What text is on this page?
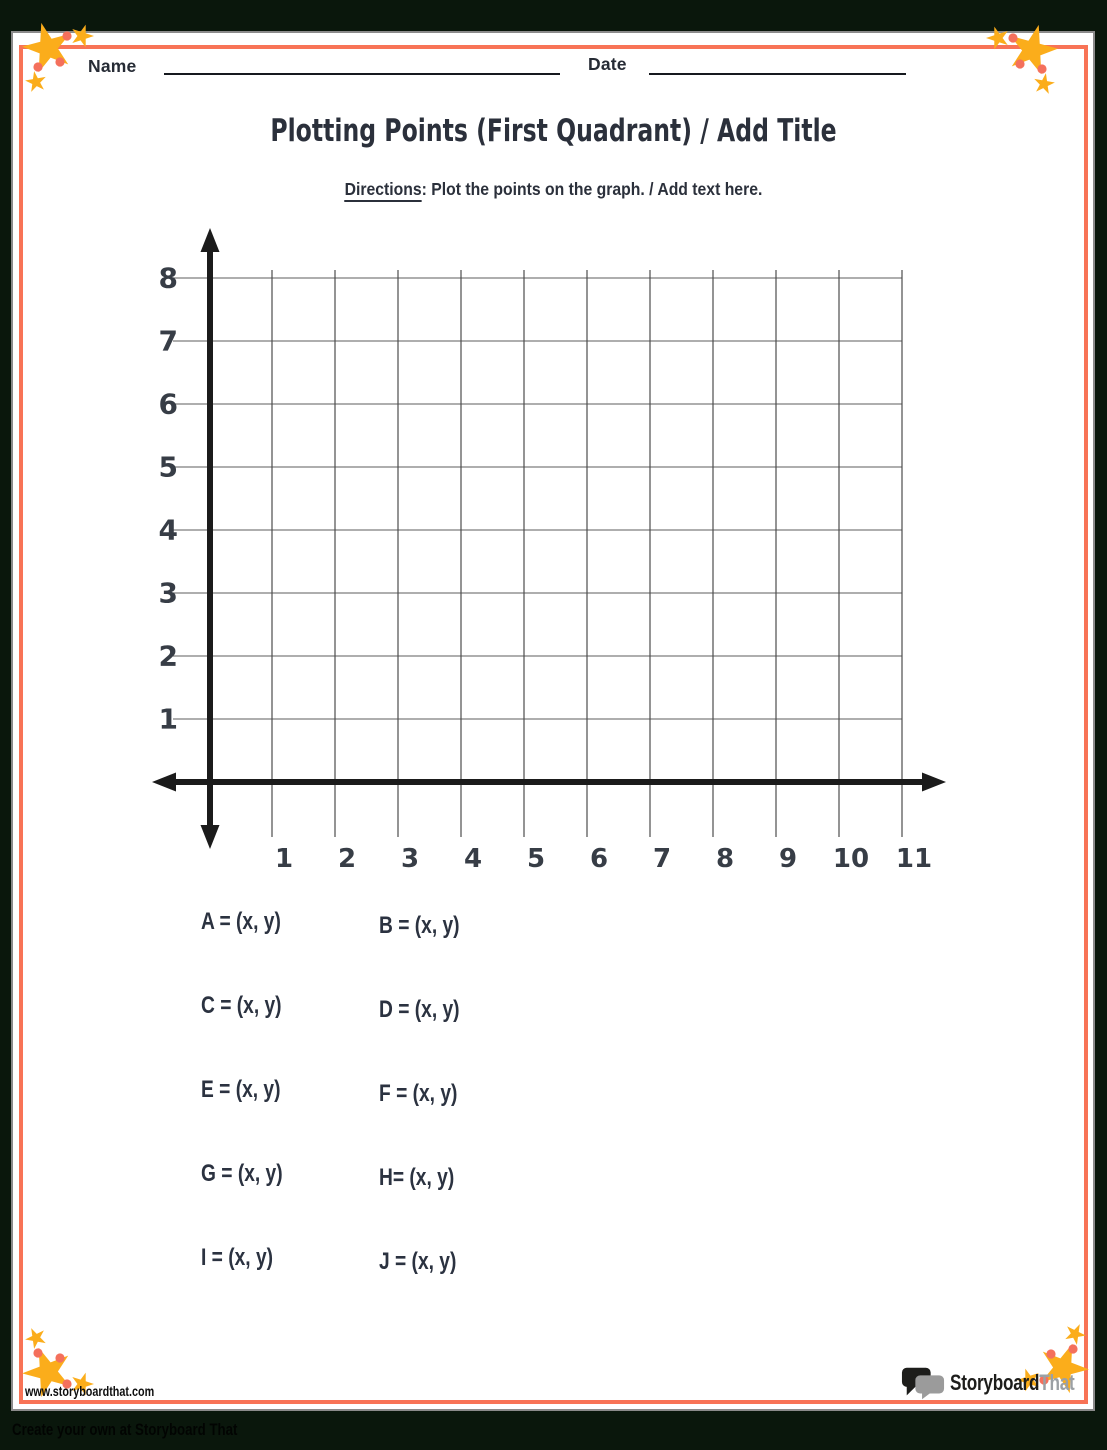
Name	Date
Plotting Points (First Quadrant) / Add Title
Directions: Plot the points on the graph. / Add text here.
1
2
3
4
5
6
7
8
1 2 3 4 5 6 7 8 9 10 11
A = (x, y)	B = (x, y)
C = (x, y)	D = (x, y)
E = (x, y)	F = (x, y)
G = (x, y)	H= (x, y)
I = (x, y)	J = (x, y)
www.storyboardthat.com	StoryboardThat
Create your own at Storyboard That
